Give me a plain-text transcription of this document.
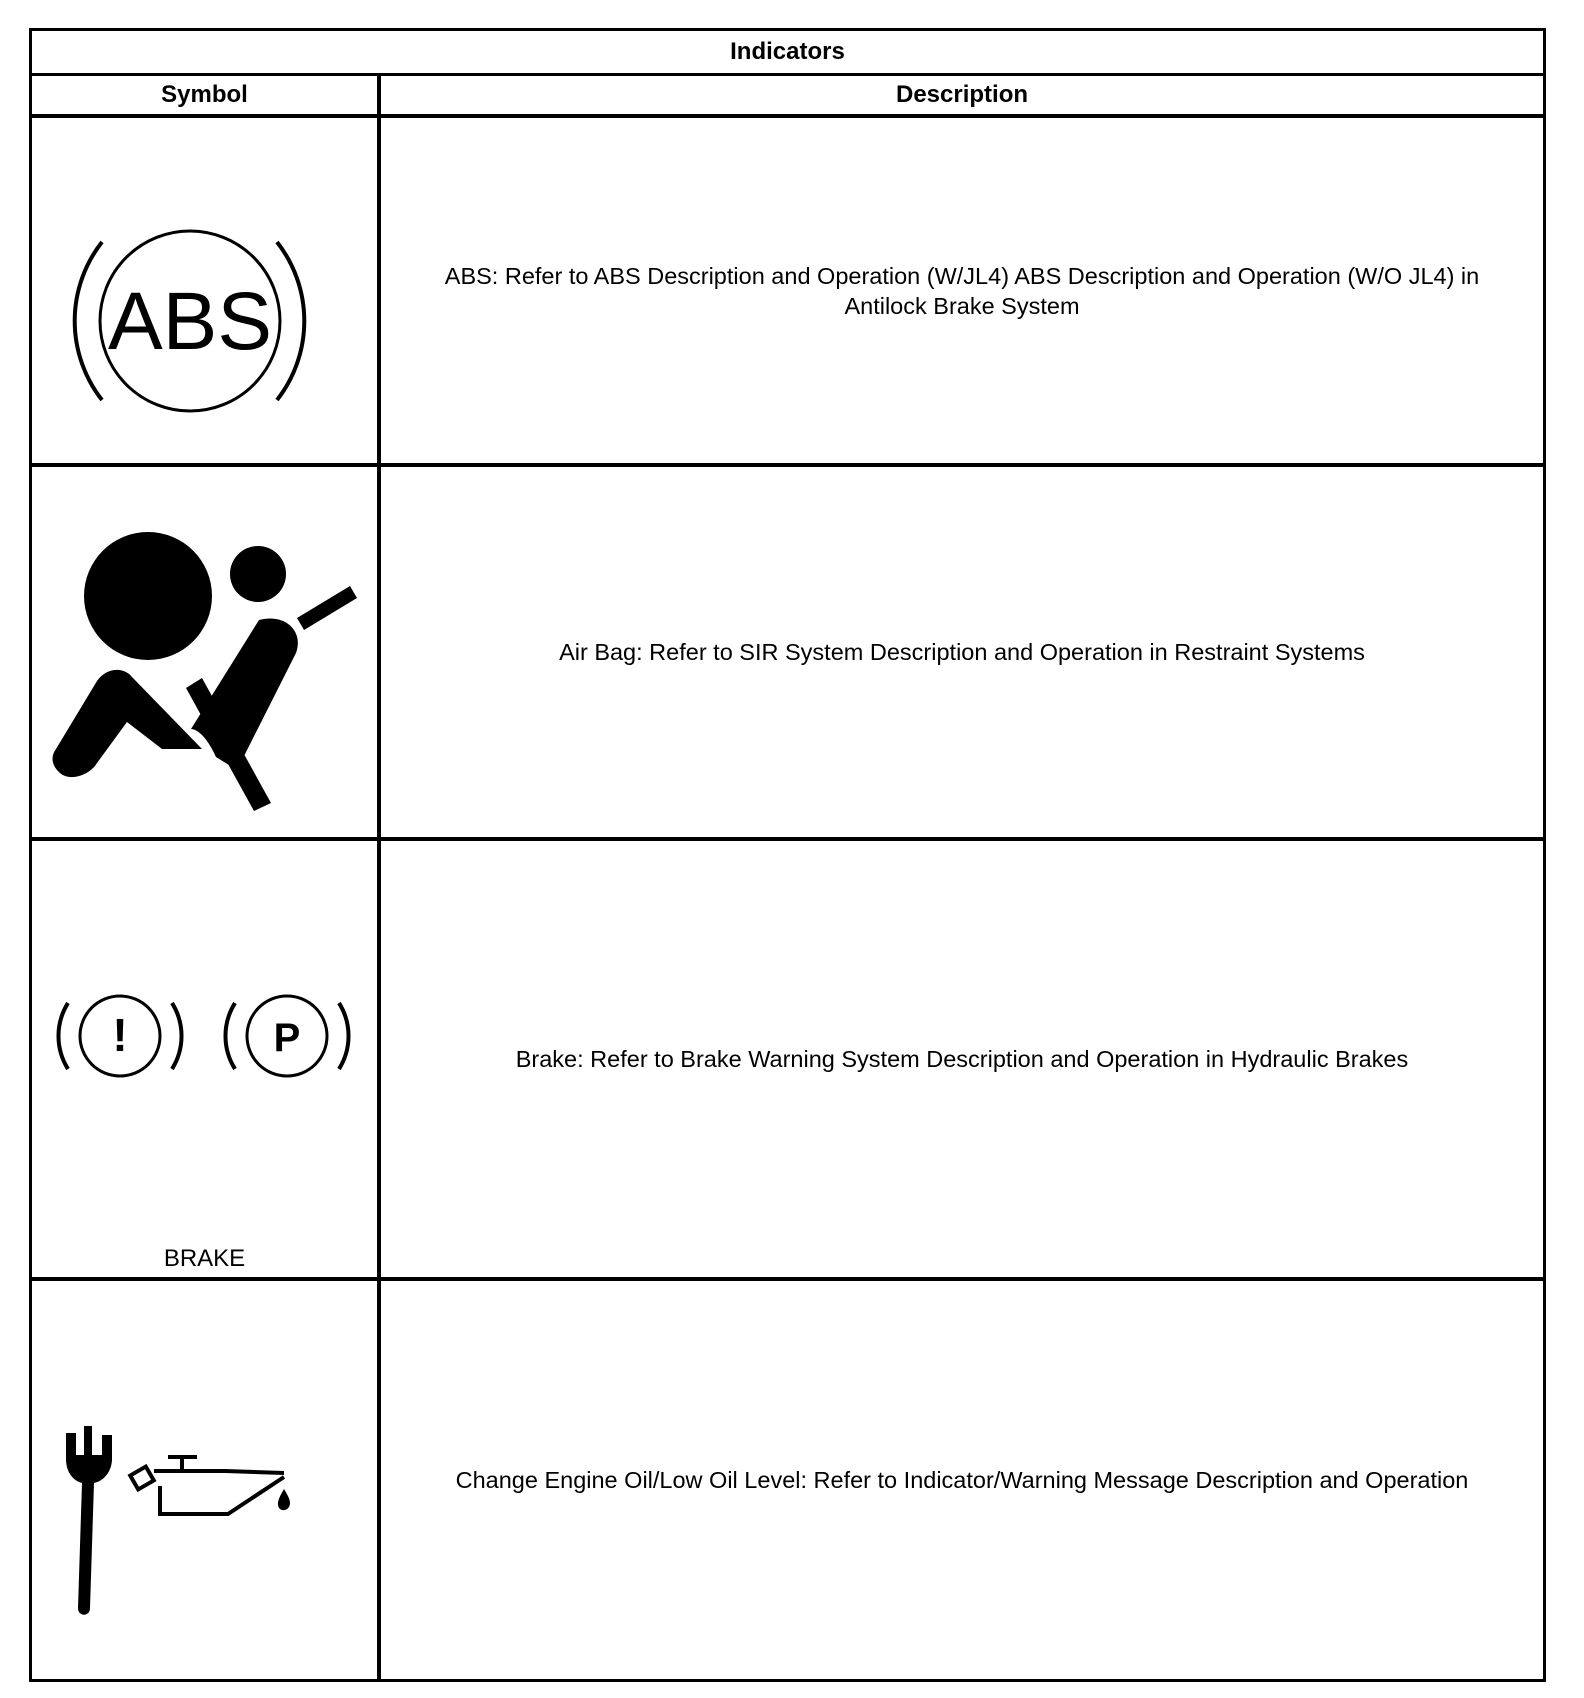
Indicators
Symbol	Description
ABS
ABS: Refer to ABS Description and Operation (W/JL4) ABS Description and Operation (W/O JL4) in Antilock Brake System
Air Bag: Refer to SIR System Description and Operation in Restraint Systems
!	P
BRAKE
Brake: Refer to Brake Warning System Description and Operation in Hydraulic Brakes
Change Engine Oil/Low Oil Level: Refer to Indicator/Warning Message Description and Operation
